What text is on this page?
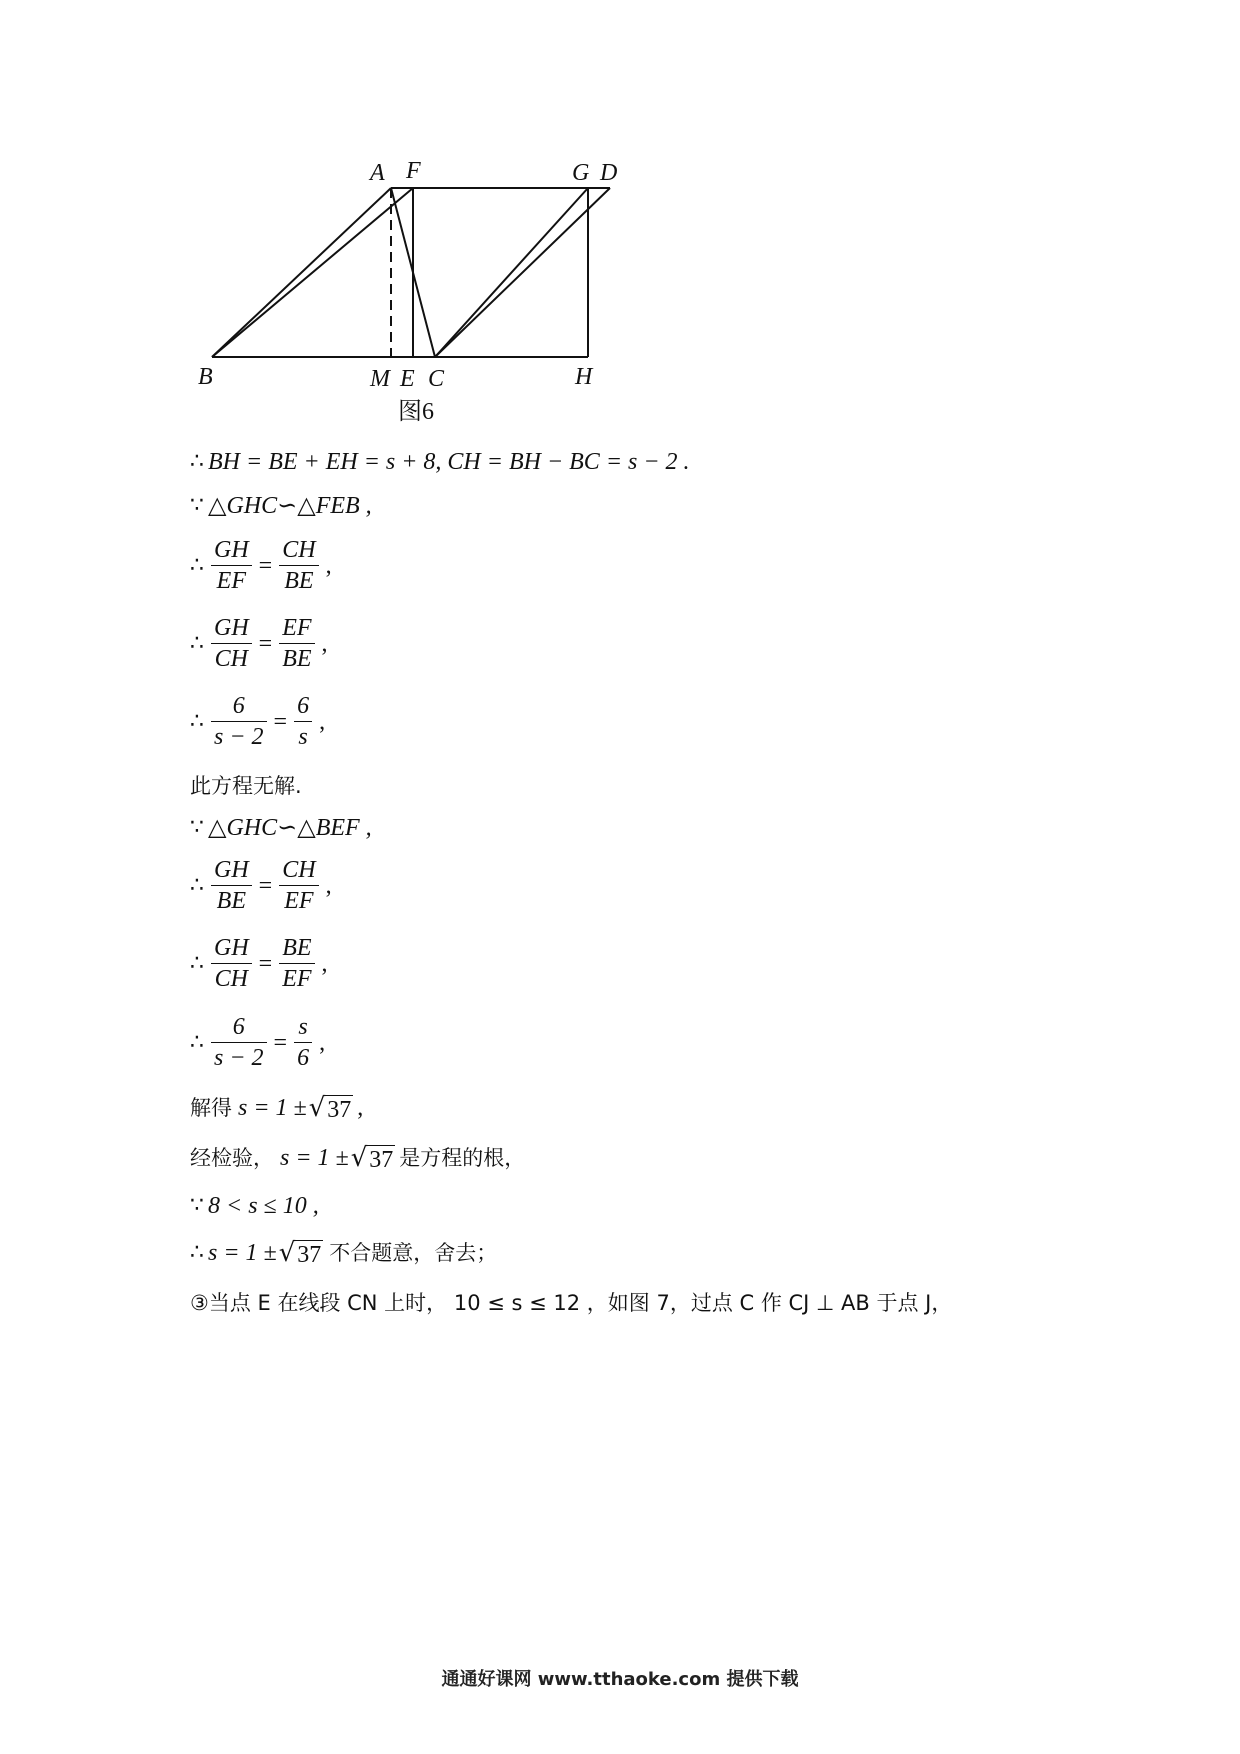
A F	G D
B	M E C	H
图6
∴ BH = BE + EH = s + 8, CH = BH − BC = s − 2 .
∵ △GHC∽△FEB ,
∴ $\frac{GH}{EF} = \frac{CH}{BE}$ ,
∴ $\frac{GH}{CH} = \frac{EF}{BE}$ ,
∴ $\frac{6}{s - 2} = \frac{6}{s}$ ,
此方程无解.
∵ △GHC∽△BEF ,
∴ $\frac{GH}{BE} = \frac{CH}{EF}$ ,
∴ $\frac{GH}{CH} = \frac{BE}{EF}$ ,
∴ $\frac{6}{s - 2} = \frac{s}{6}$ ,
解得 s = 1 ± √ 37 ,
经检验， s = 1 ± √ 37 是方程的根，
∵ 8 < s ≤ 10 ,
∴ s = 1 ± √ 37 不合题意，舍去；
③当点 E 在线段 CN 上时， 10 ≤ s ≤ 12 ，如图 7，过点 C 作 CJ ⊥ AB 于点 J，
通通好课网 www.tthaoke.com 提供下载
